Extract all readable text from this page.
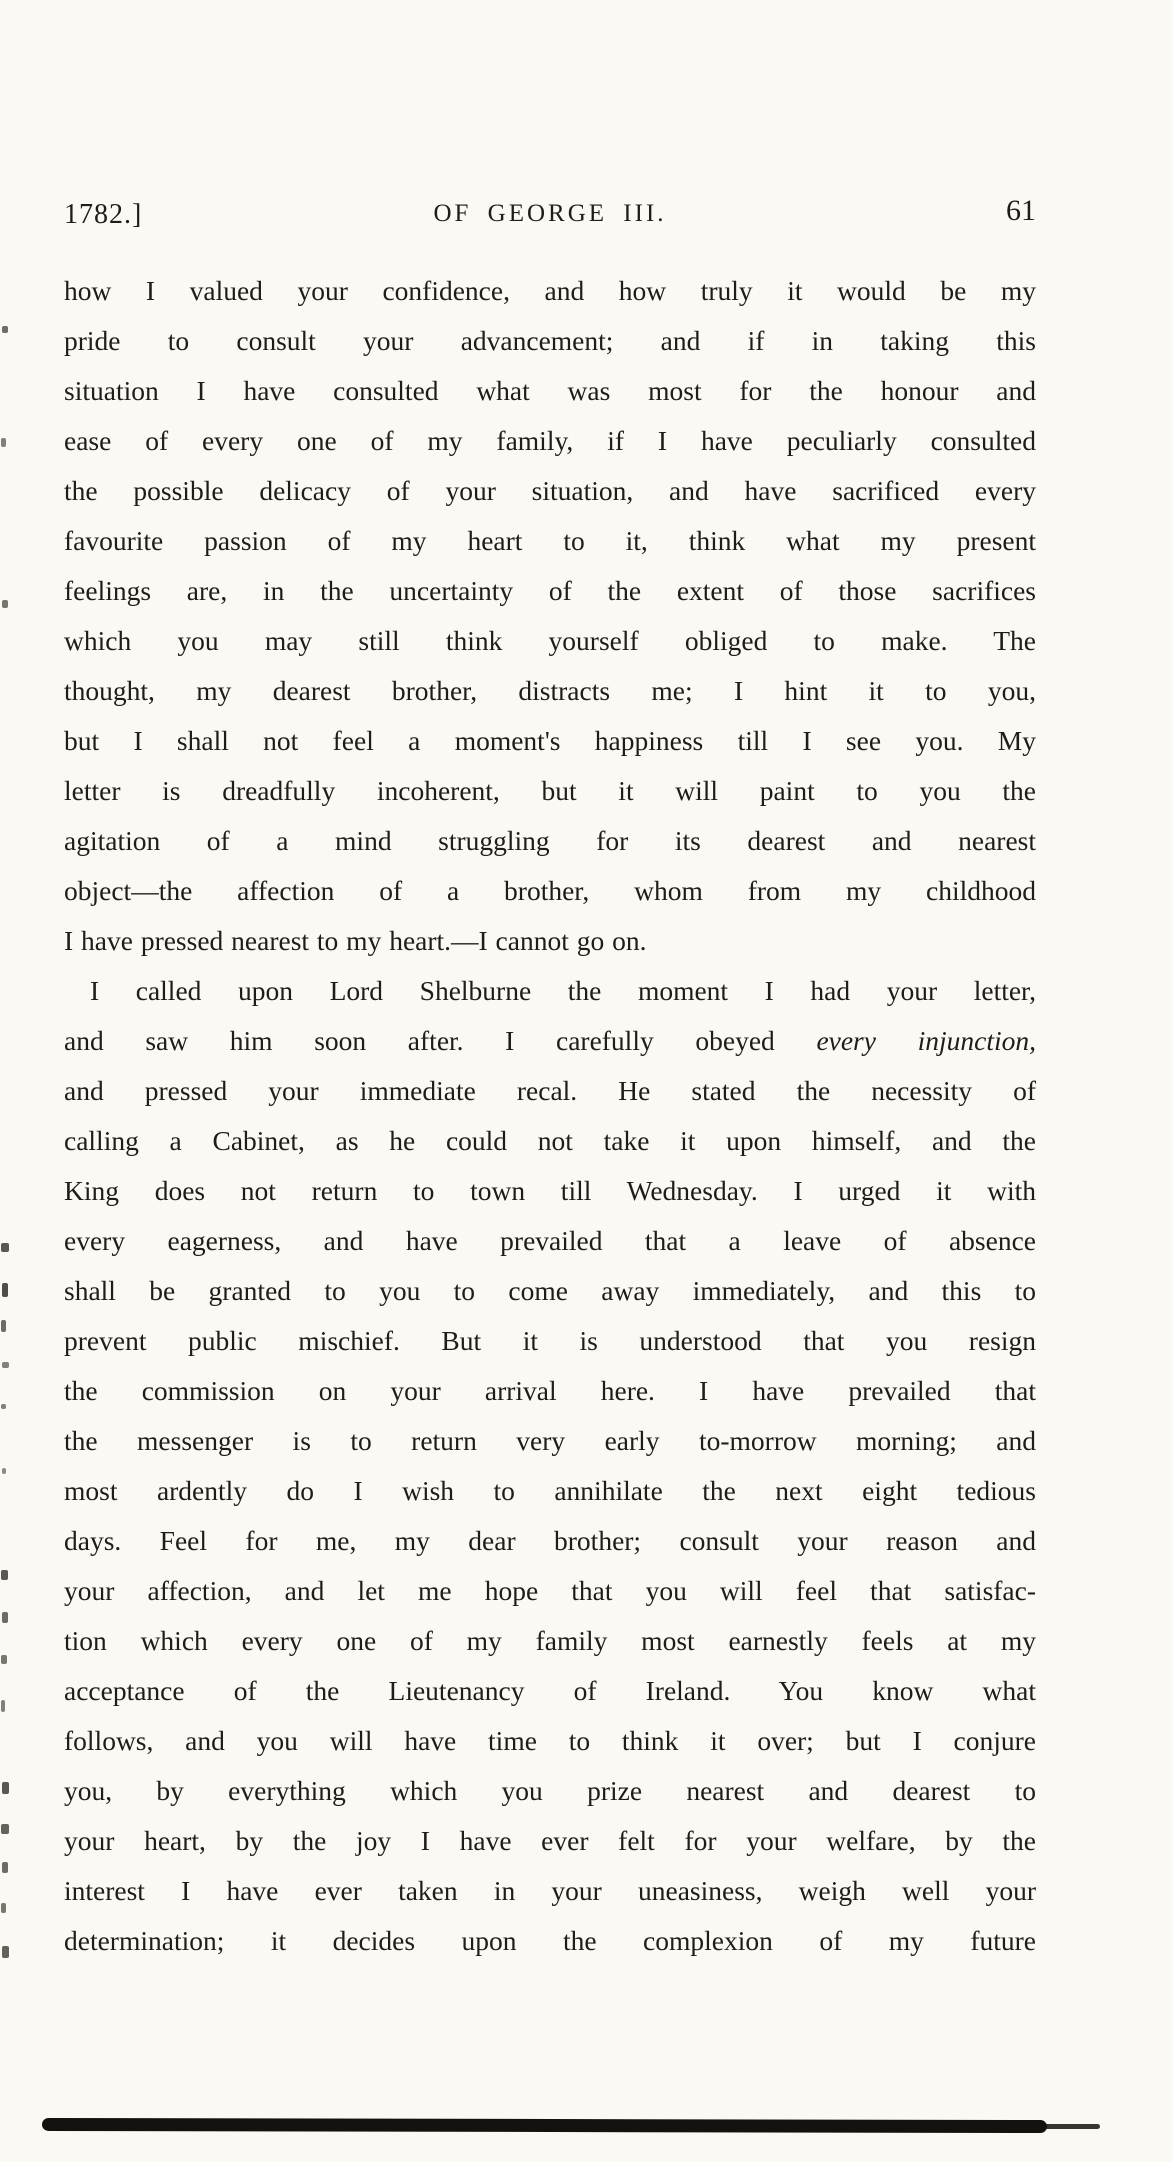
1782.]	OF GEORGE III.	61
how I valued your confidence, and how truly it would be my
pride to consult your advancement; and if in taking this
situation I have consulted what was most for the honour and
ease of every one of my family, if I have peculiarly consulted
the possible delicacy of your situation, and have sacrificed every
favourite passion of my heart to it, think what my present
feelings are, in the uncertainty of the extent of those sacrifices
which you may still think yourself obliged to make. The
thought, my dearest brother, distracts me; I hint it to you,
but I shall not feel a moment's happiness till I see you. My
letter is dreadfully incoherent, but it will paint to you the
agitation of a mind struggling for its dearest and nearest
object—the affection of a brother, whom from my childhood
I have pressed nearest to my heart.—I cannot go on.
I called upon Lord Shelburne the moment I had your letter,
and saw him soon after. I carefully obeyed every injunction,
and pressed your immediate recal. He stated the necessity of
calling a Cabinet, as he could not take it upon himself, and the
King does not return to town till Wednesday. I urged it with
every eagerness, and have prevailed that a leave of absence
shall be granted to you to come away immediately, and this to
prevent public mischief. But it is understood that you resign
the commission on your arrival here. I have prevailed that
the messenger is to return very early to-morrow morning; and
most ardently do I wish to annihilate the next eight tedious
days. Feel for me, my dear brother; consult your reason and
your affection, and let me hope that you will feel that satisfac-
tion which every one of my family most earnestly feels at my
acceptance of the Lieutenancy of Ireland. You know what
follows, and you will have time to think it over; but I conjure
you, by everything which you prize nearest and dearest to
your heart, by the joy I have ever felt for your welfare, by the
interest I have ever taken in your uneasiness, weigh well your
determination; it decides upon the complexion of my future
